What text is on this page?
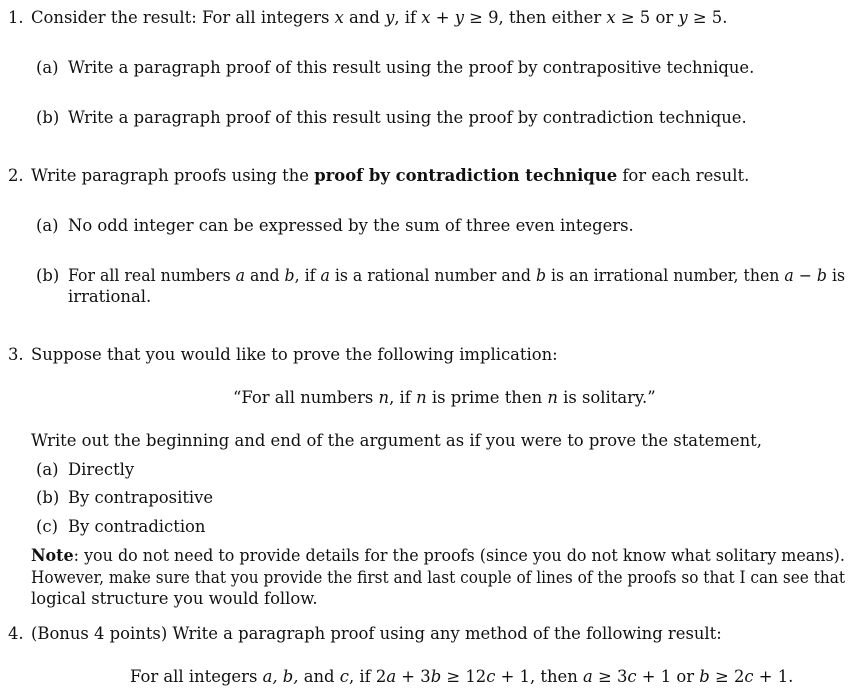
1. Consider the result: For all integers x and y, if x + y ≥ 9, then either x ≥ 5 or y ≥ 5.
(a) Write a paragraph proof of this result using the proof by contrapositive technique.
(b) Write a paragraph proof of this result using the proof by contradiction technique.
2. Write paragraph proofs using the proof by contradiction technique for each result.
(a) No odd integer can be expressed by the sum of three even integers.
(b) For all real numbers a and b, if a is a rational number and b is an irrational number, then a − b is
irrational.
3. Suppose that you would like to prove the following implication:
“For all numbers n, if n is prime then n is solitary.”
Write out the beginning and end of the argument as if you were to prove the statement,
(a) Directly
(b) By contrapositive
(c) By contradiction
Note: you do not need to provide details for the proofs (since you do not know what solitary means).
However, make sure that you provide the first and last couple of lines of the proofs so that I can see that
logical structure you would follow.
4. (Bonus 4 points) Write a paragraph proof using any method of the following result:
For all integers a, b, and c, if 2a + 3b ≥ 12c + 1, then a ≥ 3c + 1 or b ≥ 2c + 1.
